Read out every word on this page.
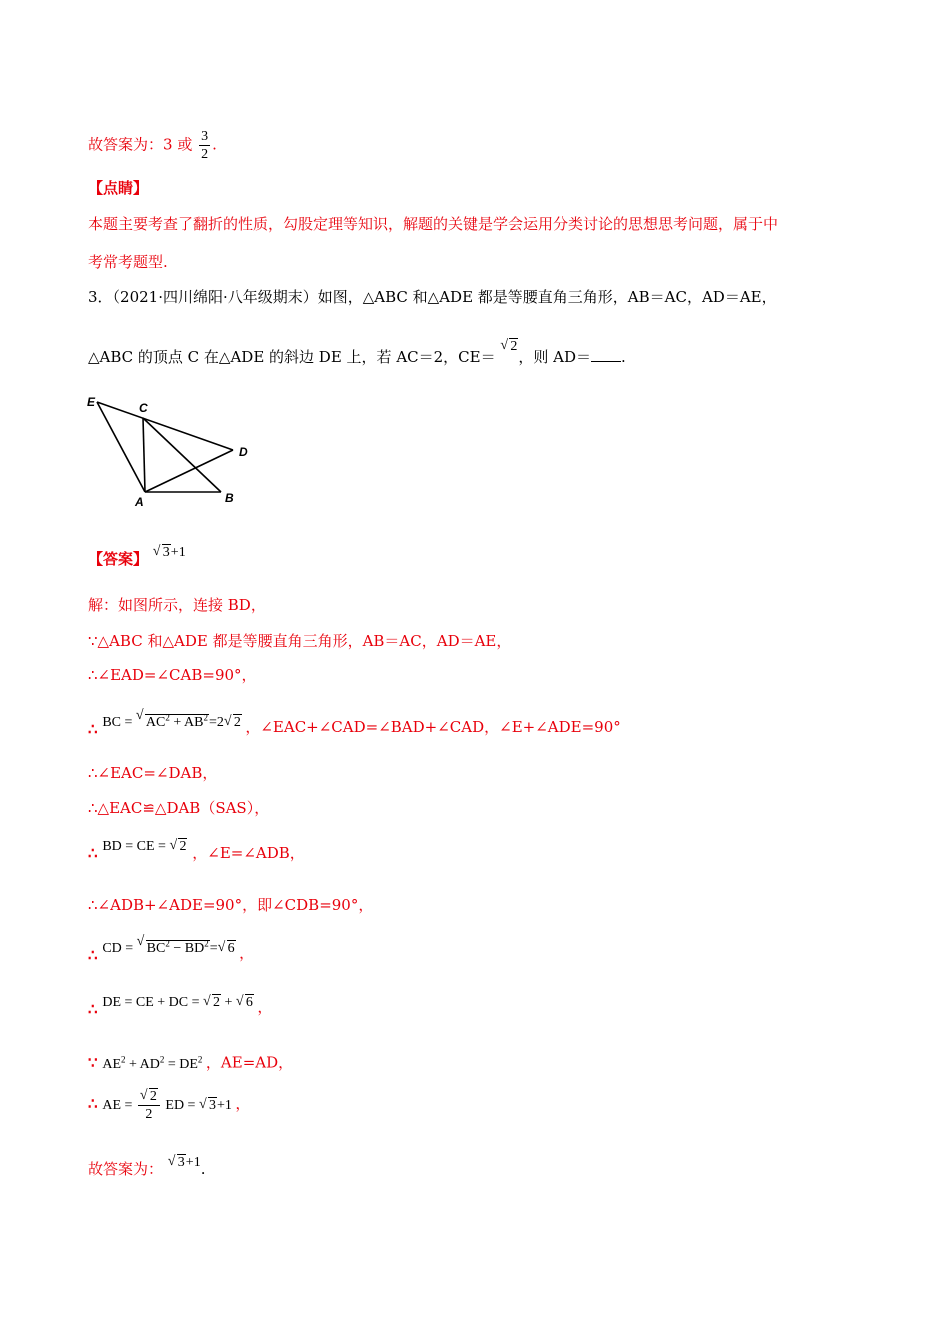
故答案为：3 或 $\frac{3}{2}$ .
【点睛】
本题主要考查了翻折的性质，勾股定理等知识，解题的关键是学会运用分类讨论的思想思考问题，属于中
考常考题型.
3．（2021·四川绵阳·八年级期末）如图，△ABC 和△ADE 都是等腰直角三角形，AB＝AC，AD＝AE，
△ABC 的顶点 C 在△ADE 的斜边 DE 上，若 AC＝2，CE＝ √ 2，则 AD＝ .
E	C
D
A	B
【答案】 √ 3+1
解：如图所示，连接 BD，
∵△ABC 和△ADE 都是等腰直角三角形，AB＝AC，AD＝AE，
∴∠EAD=∠CAB=90°，
∴ BC = √ $AC^2 + AB^2=2√$ 2 ，∠EAC+∠CAD=∠BAD+∠CAD，∠E+∠ADE=90°
∴∠EAC=∠DAB，
∴△EAC≌△DAB（SAS），
∴ BD = CE = √ 2 ，∠E=∠ADB，
∴∠ADB+∠ADE=90°，即∠CDB=90°，
∴ CD = √ $BC^2 - BD^2=√$ 6 ，
∴ DE = CE + DC = √ 2 + √ 6 ，
∵ $AE^2 + AD^2 = DE^2$ ，AE=AD，
∴ AE =
√ $\frac{2}{2}$ ED = √ 3+1 ，
故答案为： √ 3+1.
